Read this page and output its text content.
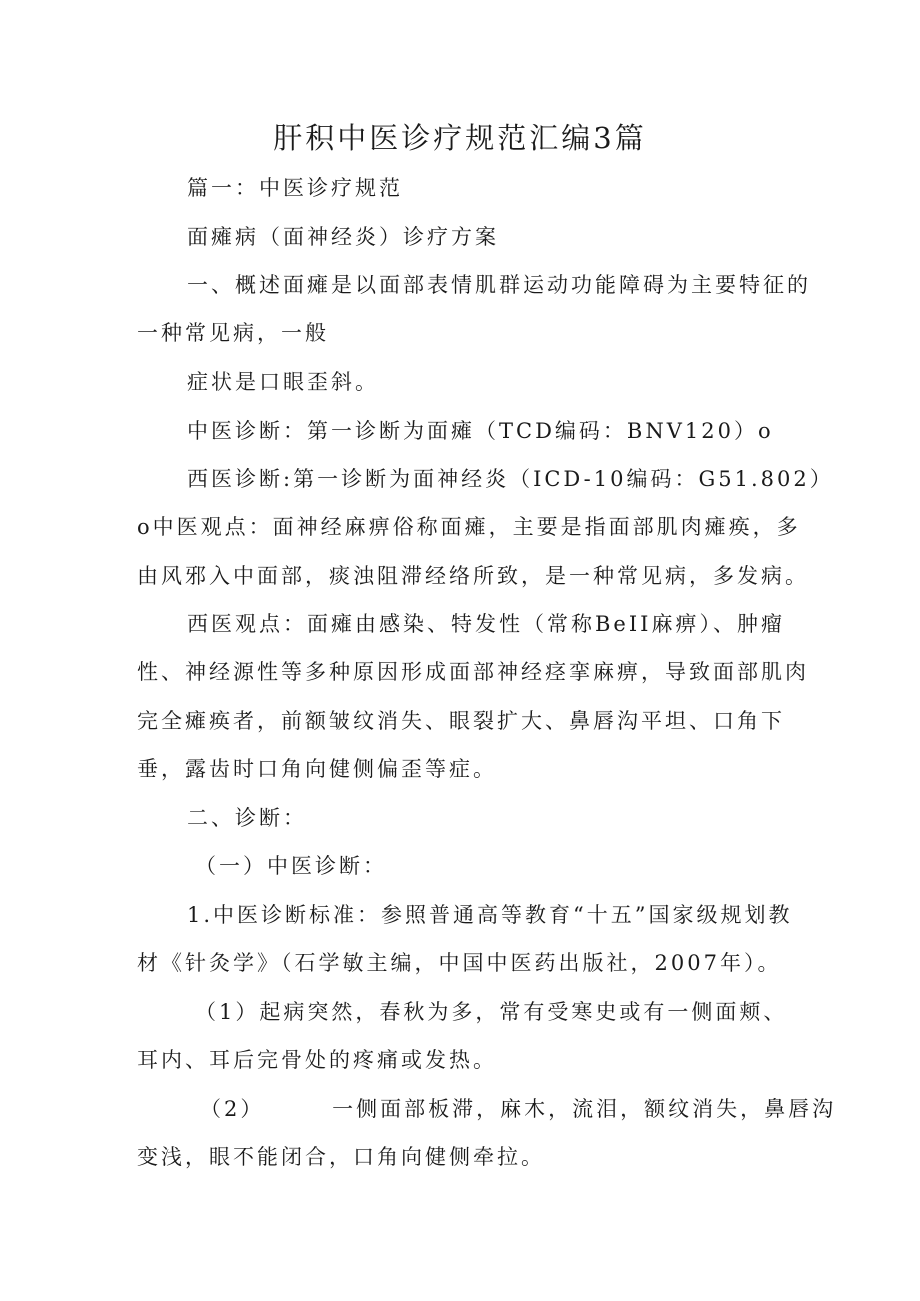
肝积中医诊疗规范汇编3篇
篇一：中医诊疗规范
面瘫病（面神经炎）诊疗方案
一、概述面瘫是以面部表情肌群运动功能障碍为主要特征的
一种常见病，一般
症状是口眼歪斜。
中医诊断：第一诊断为面瘫（TCD编码：BNV120）o
西医诊断:第一诊断为面神经炎（ICD-10编码：G51.802）
o中医观点：面神经麻痹俗称面瘫，主要是指面部肌肉瘫痪，多
由风邪入中面部，痰浊阻滞经络所致，是一种常见病，多发病。
西医观点：面瘫由感染、特发性（常称BeII麻痹）、肿瘤
性、神经源性等多种原因形成面部神经痉挛麻痹，导致面部肌肉
完全瘫痪者，前额皱纹消失、眼裂扩大、鼻唇沟平坦、口角下
垂，露齿时口角向健侧偏歪等症。
二、诊断：
（一）中医诊断：
1.中医诊断标准：参照普通高等教育“十五”国家级规划教
材《针灸学》（石学敏主编，中国中医药出版社，2007年）。
（1）起病突然，春秋为多，常有受寒史或有一侧面颊、
耳内、耳后完骨处的疼痛或发热。
（2）       一侧面部板滞，麻木，流泪，额纹消失，鼻唇沟
变浅，眼不能闭合，口角向健侧牵拉。
